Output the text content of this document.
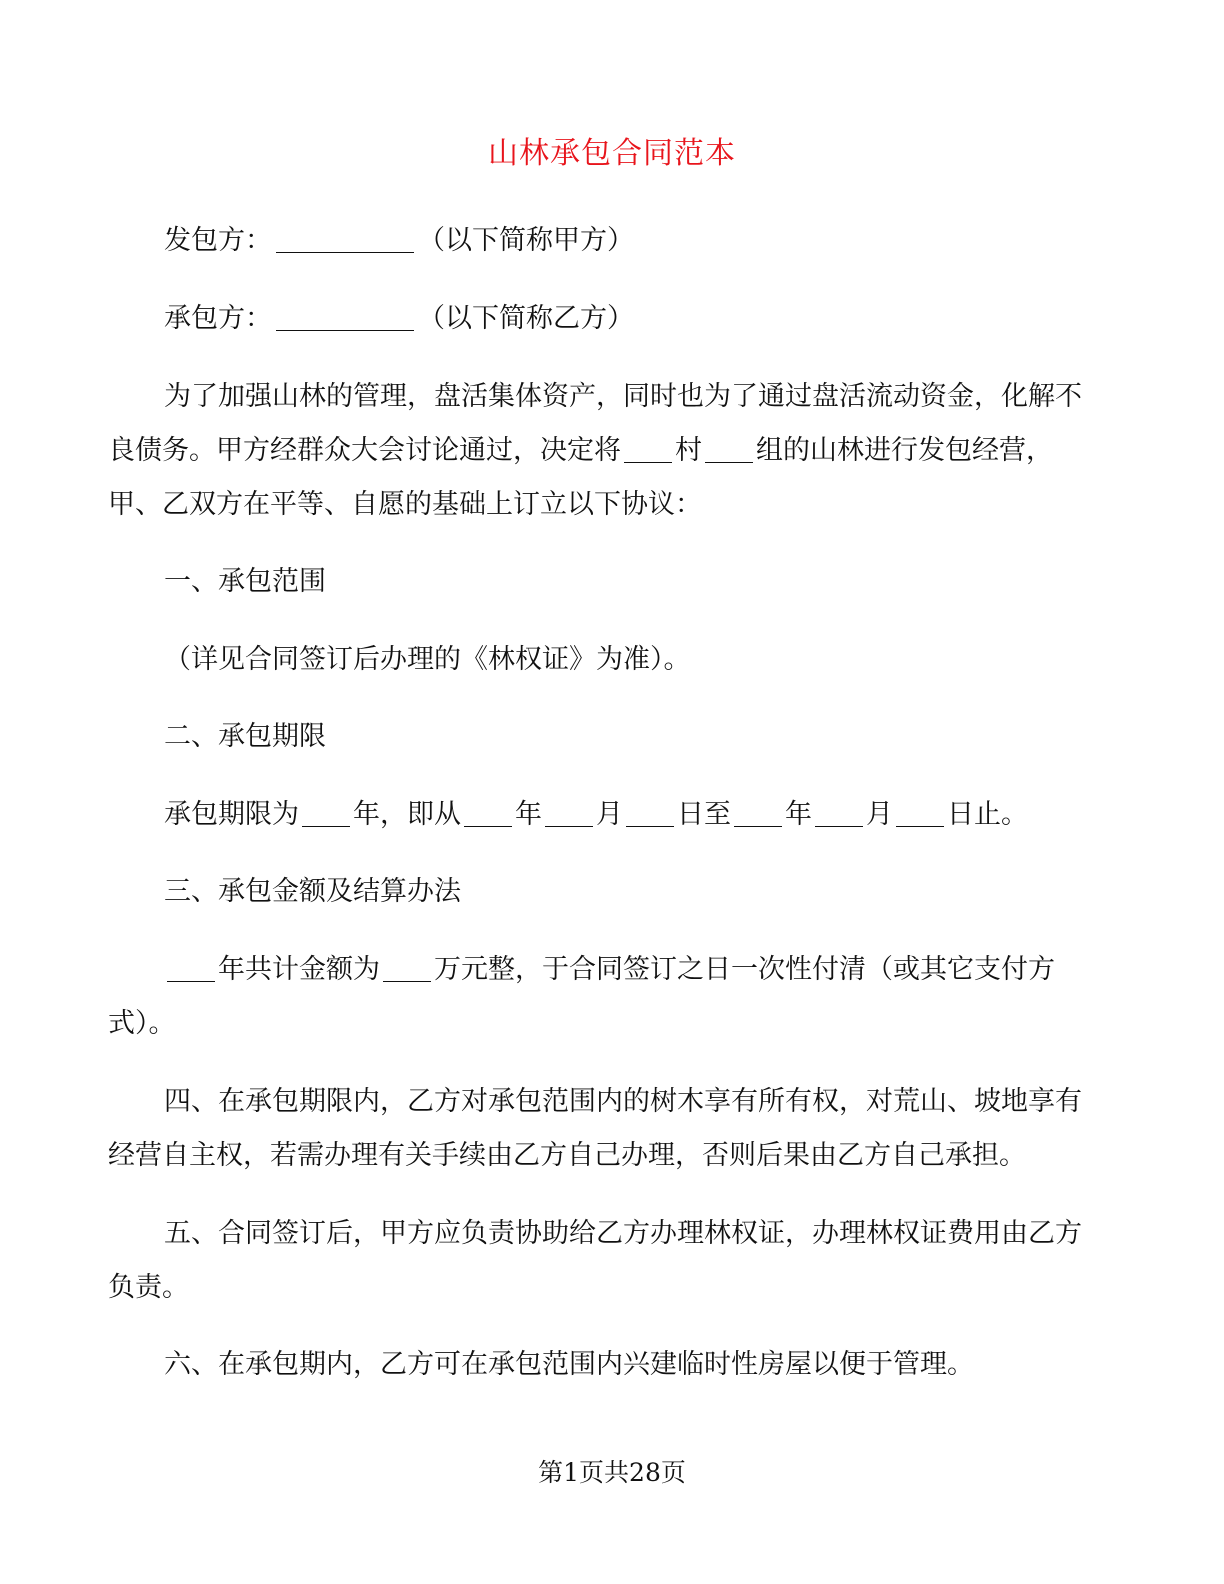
山林承包合同范本

发包方：	（以下简称甲方）

承包方：	（以下简称乙方）

为了加强山林的管理，盘活集体资产，同时也为了通过盘活流动资金，化解不良债务。甲方经群众大会讨论通过，决定将 村 组的山林进行发包经营，甲、乙双方在平等、自愿的基础上订立以下协议：

一、承包范围

（详见合同签订后办理的《林权证》为准）。

二、承包期限

承包期限为 年，即从 年 月 日至 年 月 日止。

三、承包金额及结算办法

年共计金额为 万元整，于合同签订之日一次性付清（或其它支付方式）。

四、在承包期限内，乙方对承包范围内的树木享有所有权，对荒山、坡地享有经营自主权，若需办理有关手续由乙方自己办理，否则后果由乙方自己承担。

五、合同签订后，甲方应负责协助给乙方办理林权证，办理林权证费用由乙方负责。

六、在承包期内，乙方可在承包范围内兴建临时性房屋以便于管理。

第1页共28页
